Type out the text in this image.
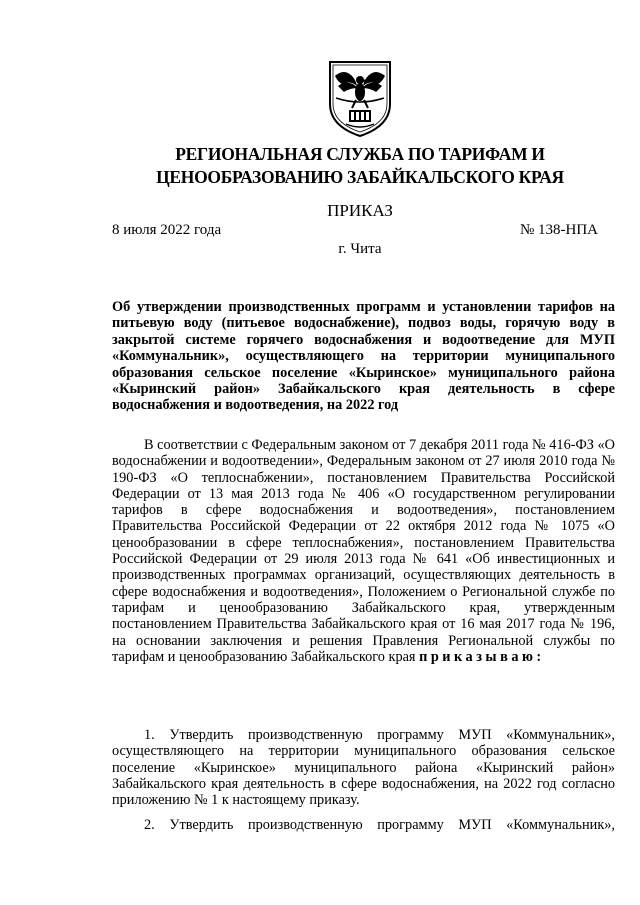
РЕГИОНАЛЬНАЯ СЛУЖБА ПО ТАРИФАМ И
ЦЕНООБРАЗОВАНИЮ ЗАБАЙКАЛЬСКОГО КРАЯ
ПРИКАЗ
8 июля 2022 года	№ 138-НПА
г. Чита
Об утверждении производственных программ и установлении тарифов на питьевую воду (питьевое водоснабжение), подвоз воды, горячую воду в закрытой системе горячего водоснабжения и водоотведение для МУП «Коммунальник», осуществляющего на территории муниципального образования сельское поселение «Кыринское» муниципального района «Кыринский район» Забайкальского края деятельность в сфере водоснабжения и водоотведения, на 2022 год
В соответствии с Федеральным законом от 7 декабря 2011 года № 416-ФЗ «О водоснабжении и водоотведении», Федеральным законом от 27 июля 2010 года № 190-ФЗ «О теплоснабжении», постановлением Правительства Российской Федерации от 13 мая 2013 года № 406 «О государственном регулировании тарифов в сфере водоснабжения и водоотведения», постановлением Правительства Российской Федерации от 22 октября 2012 года № 1075 «О ценообразовании в сфере теплоснабжения», постановлением Правительства Российской Федерации от 29 июля 2013 года № 641 «Об инвестиционных и производственных программах организаций, осуществляющих деятельность в сфере водоснабжения и водоотведения», Положением о Региональной службе по тарифам и ценообразованию Забайкальского края, утвержденным постановлением Правительства Забайкальского края от 16 мая 2017 года № 196, на основании заключения и решения Правления Региональной службы по тарифам и ценообразованию Забайкальского края приказываю:
1. Утвердить производственную программу МУП «Коммунальник», осуществляющего на территории муниципального образования сельское поселение «Кыринское» муниципального района «Кыринский район» Забайкальского края деятельность в сфере водоснабжения, на 2022 год согласно приложению № 1 к настоящему приказу.
2. Утвердить производственную программу МУП «Коммунальник»,
